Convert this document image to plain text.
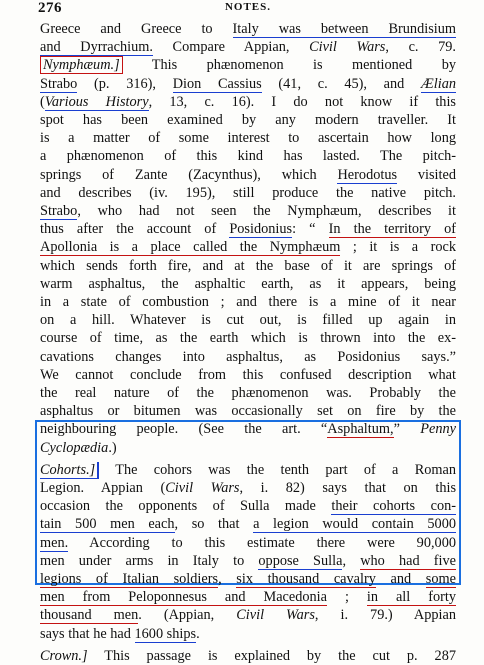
276	NOTES.
Greece and Greece to Italy was between Brundisium
and Dyrrachium. Compare Appian, Civil Wars, c. 79.
Nymphæum.] This phænomenon is mentioned by
Strabo (p. 316), Dion Cassius (41, c. 45), and Ælian
(Various History, 13, c. 16). I do not know if this
spot has been examined by any modern traveller. It
is a matter of some interest to ascertain how long
a phænomenon of this kind has lasted. The pitch-
springs of Zante (Zacynthus), which Herodotus visited
and describes (iv. 195), still produce the native pitch.
Strabo, who had not seen the Nymphæum, describes it
thus after the account of Posidonius: “ In the territory of
Apollonia is a place called the Nymphæum ; it is a rock
which sends forth fire, and at the base of it are springs of
warm asphaltus, the asphaltic earth, as it appears, being
in a state of combustion ; and there is a mine of it near
on a hill. Whatever is cut out, is filled up again in
course of time, as the earth which is thrown into the ex-
cavations changes into asphaltus, as Posidonius says.”
We cannot conclude from this confused description what
the real nature of the phænomenon was. Probably the
asphaltus or bitumen was occasionally set on fire by the
neighbouring people. (See the art. “Asphaltum,” Penny
Cyclopædia.)
Cohorts.] The cohors was the tenth part of a Roman
Legion. Appian (Civil Wars, i. 82) says that on this
occasion the opponents of Sulla made their cohorts con-
tain 500 men each, so that a legion would contain 5000
men. According to this estimate there were 90,000
men under arms in Italy to oppose Sulla, who had five
legions of Italian soldiers, six thousand cavalry and some
men from Peloponnesus and Macedonia ; in all forty
thousand men. (Appian, Civil Wars, i. 79.) Appian
says that he had 1600 ships.
Crown.] This passage is explained by the cut p. 287
